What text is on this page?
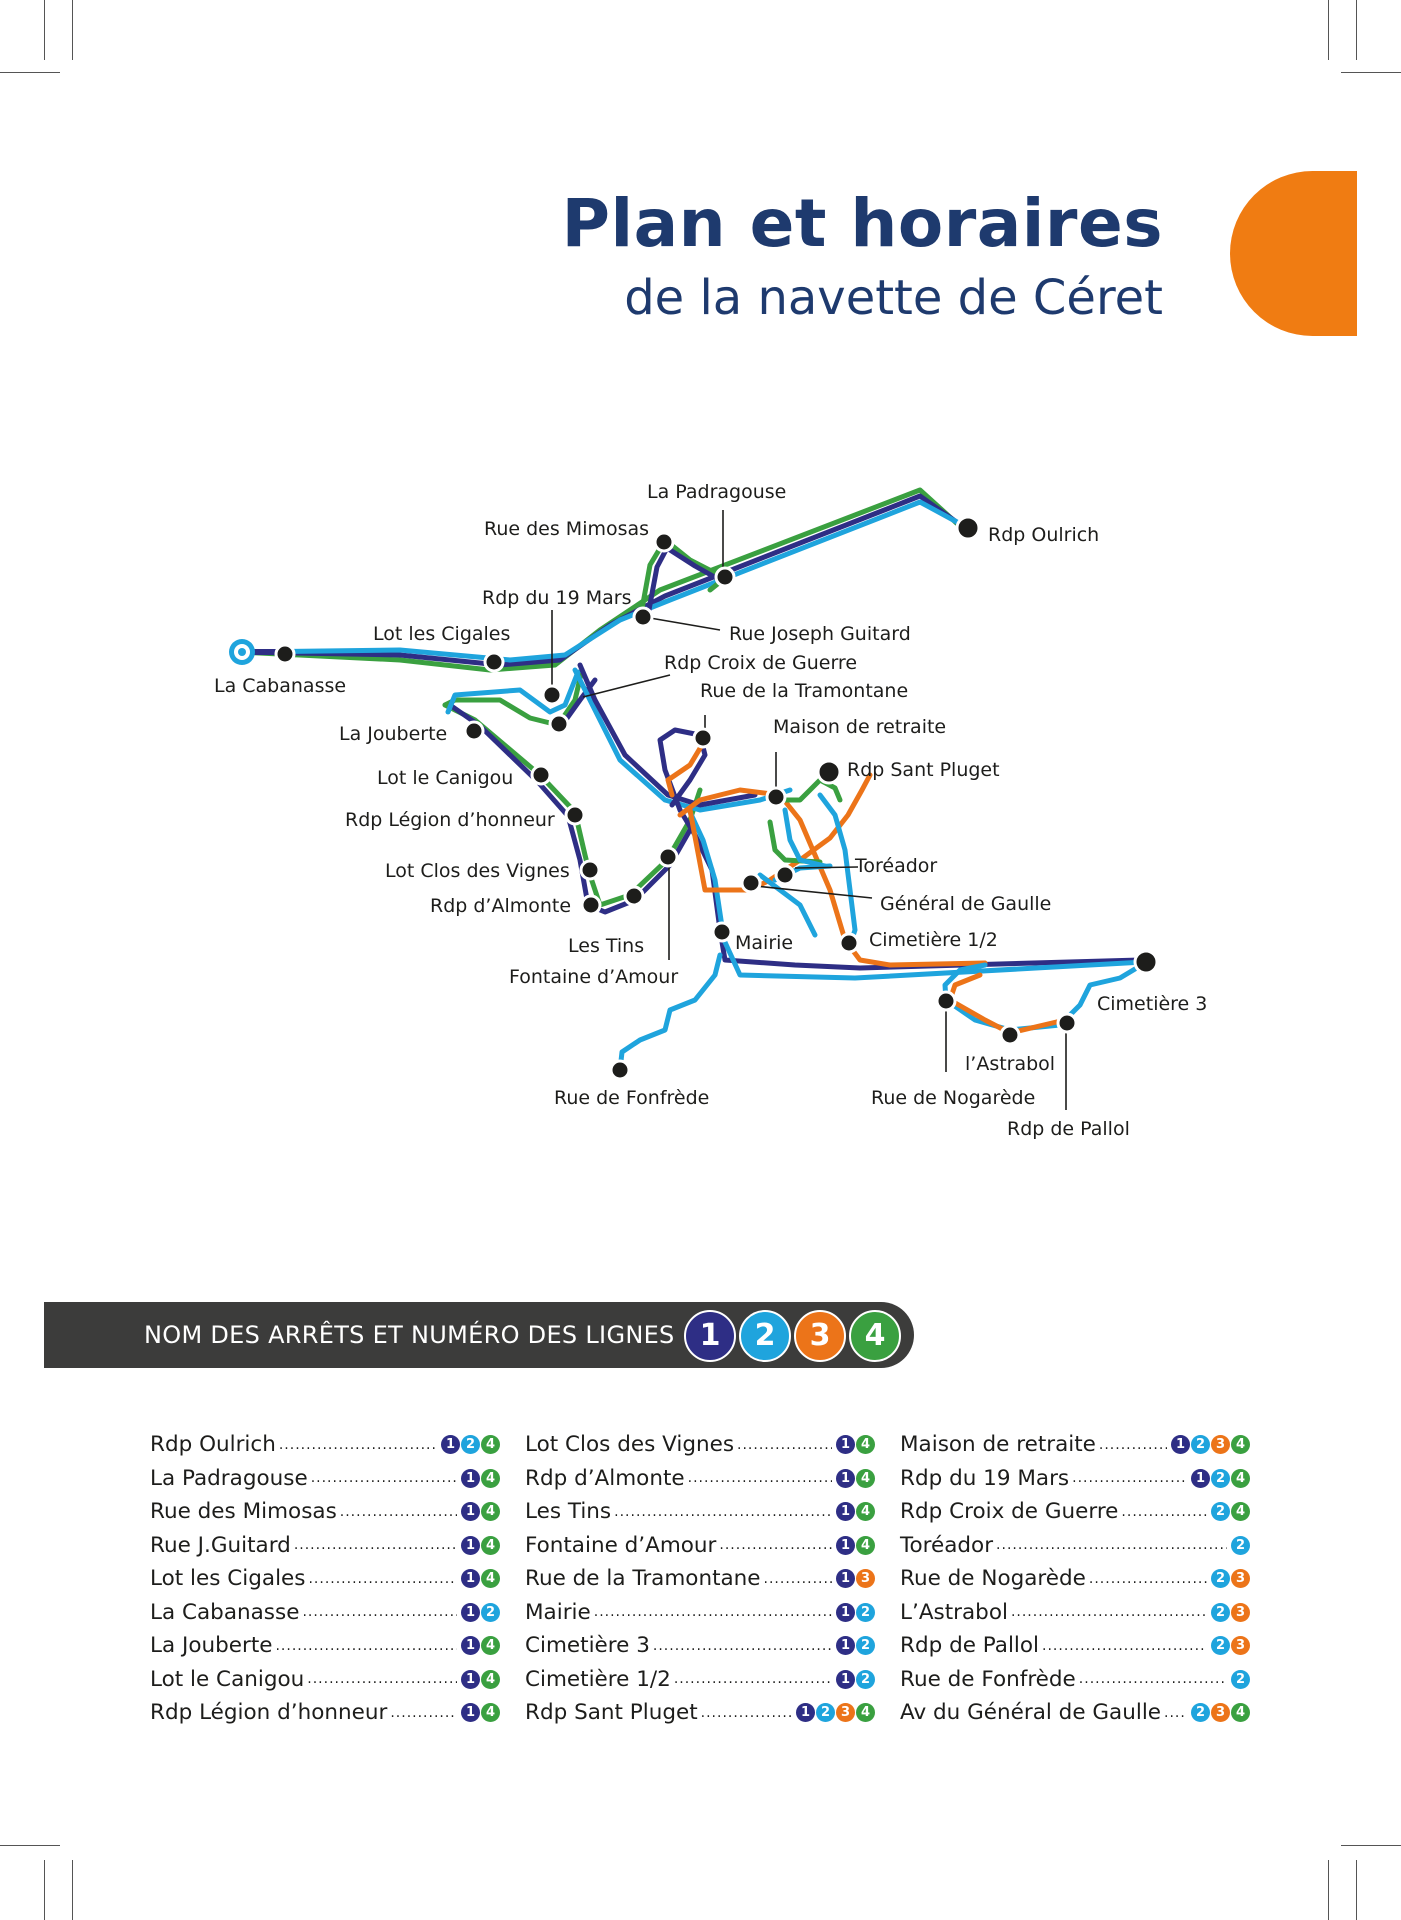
Plan et horaires
de la navette de Céret
Rdp Oulrich
La Padragouse
Rue des Mimosas
Rdp du 19 Mars
Lot les Cigales
La Cabanasse
Rue Joseph Guitard
Rdp Croix de Guerre
Rue de la Tramontane
Maison de retraite
Rdp Sant Pluget
La Jouberte
Lot le Canigou
Rdp Légion d’honneur
Lot Clos des Vignes
Rdp d’Almonte
Les Tins
Fontaine d’Amour
Toréador
Général de Gaulle
Cimetière 1/2
Mairie
Cimetière 3
l’Astrabol
Rue de Nogarède
Rdp de Pallol
Rue de Fonfrède
NOM DES ARRÊTS ET NUMÉRO DES LIGNES 1	2	3	4
Rdp Oulrich .....	1 2 4
La Padragouse .....	1 4
Rue des Mimosas .....	1 4
Rue J.Guitard .....	1 4
Lot les Cigales .....	1 4
La Cabanasse .....	1 2
La Jouberte .....	1 4
Lot le Canigou .....	1 4
Rdp Légion d’honneur .....	1 4
Lot Clos des Vignes .....	1 4
Rdp d’Almonte .....	1 4
Les Tins .....	1 4
Fontaine d’Amour .....	1 4
Rue de la Tramontane .....	1 3
Mairie .....	1 2
Cimetière 3 .....	1 2
Cimetière 1/2 .....	1 2
Rdp Sant Pluget .....	1 2 3 4
Maison de retraite .....	1 2 3 4
Rdp du 19 Mars .....	1 2 4
Rdp Croix de Guerre .....	2 4
Toréador .....	2
Rue de Nogarède .....	2 3
L’Astrabol .....	2 3
Rdp de Pallol .....	2 3
Rue de Fonfrède .....	2
Av du Général de Gaulle .....	2 3 4
